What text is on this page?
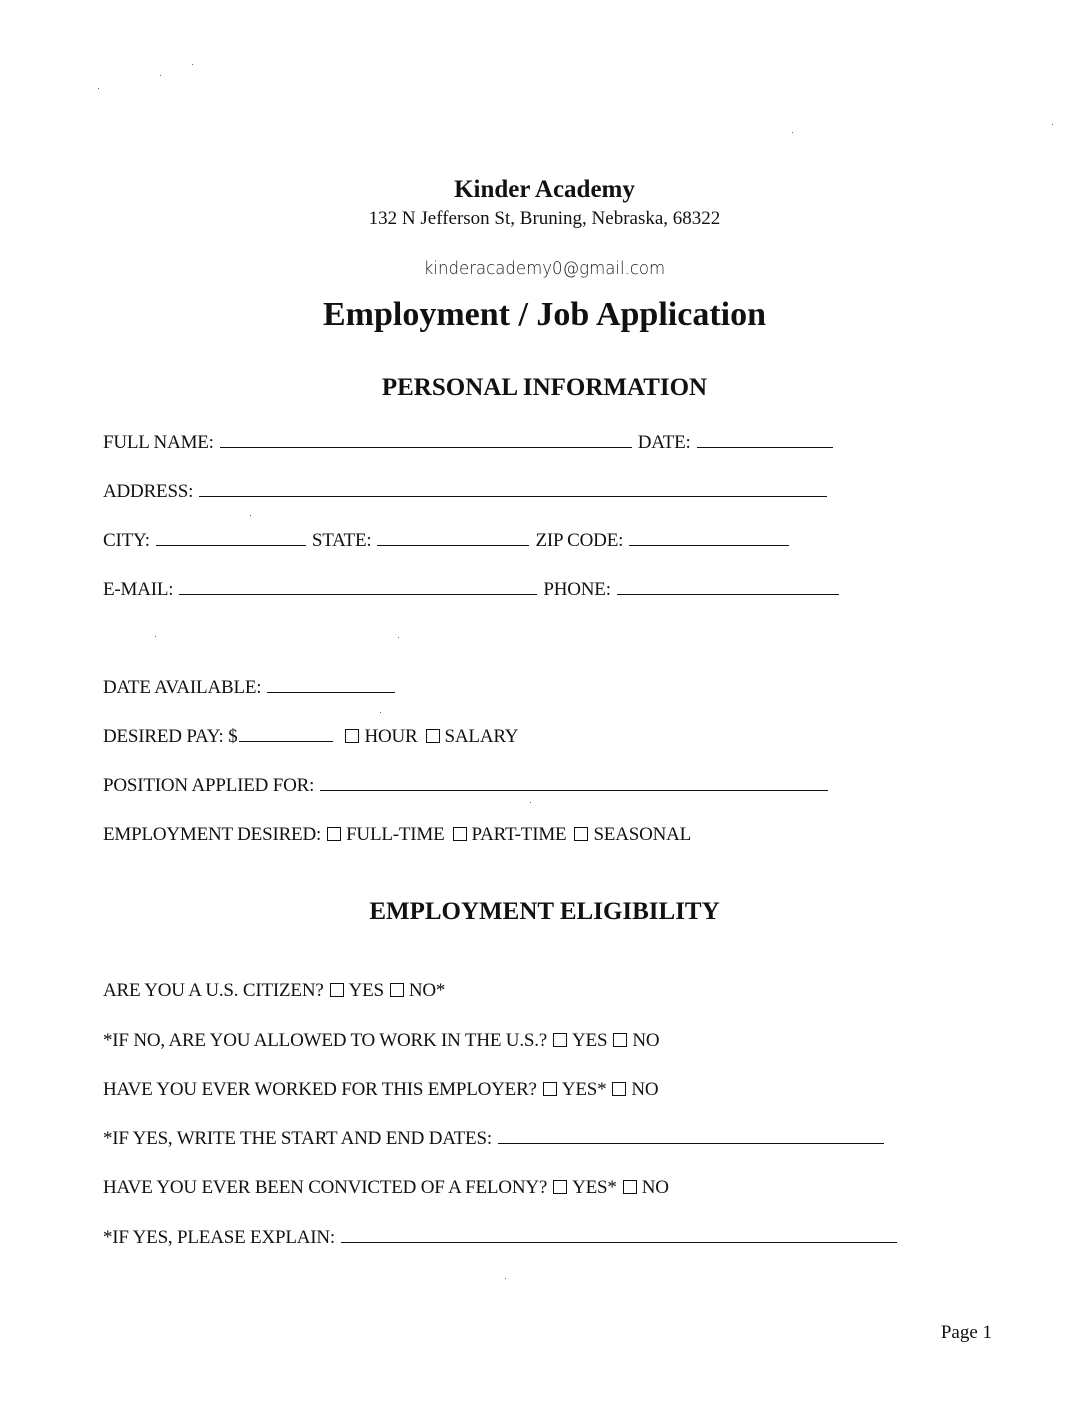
Kinder Academy
132 N Jefferson St, Bruning, Nebraska, 68322
kinderacademy0@gmail.com
Employment / Job Application
PERSONAL INFORMATION
FULL NAME:	DATE:
ADDRESS:
CITY:	STATE:	ZIP CODE:
E-MAIL:	PHONE:
DATE AVAILABLE:
DESIRED PAY: $	HOUR SALARY
POSITION APPLIED FOR:
EMPLOYMENT DESIRED: FULL-TIME PART-TIME SEASONAL
EMPLOYMENT ELIGIBILITY
ARE YOU A U.S. CITIZEN? YES NO*
*IF NO, ARE YOU ALLOWED TO WORK IN THE U.S.? YES NO
HAVE YOU EVER WORKED FOR THIS EMPLOYER? YES* NO
*IF YES, WRITE THE START AND END DATES:
HAVE YOU EVER BEEN CONVICTED OF A FELONY? YES* NO
*IF YES, PLEASE EXPLAIN:
Page 1
